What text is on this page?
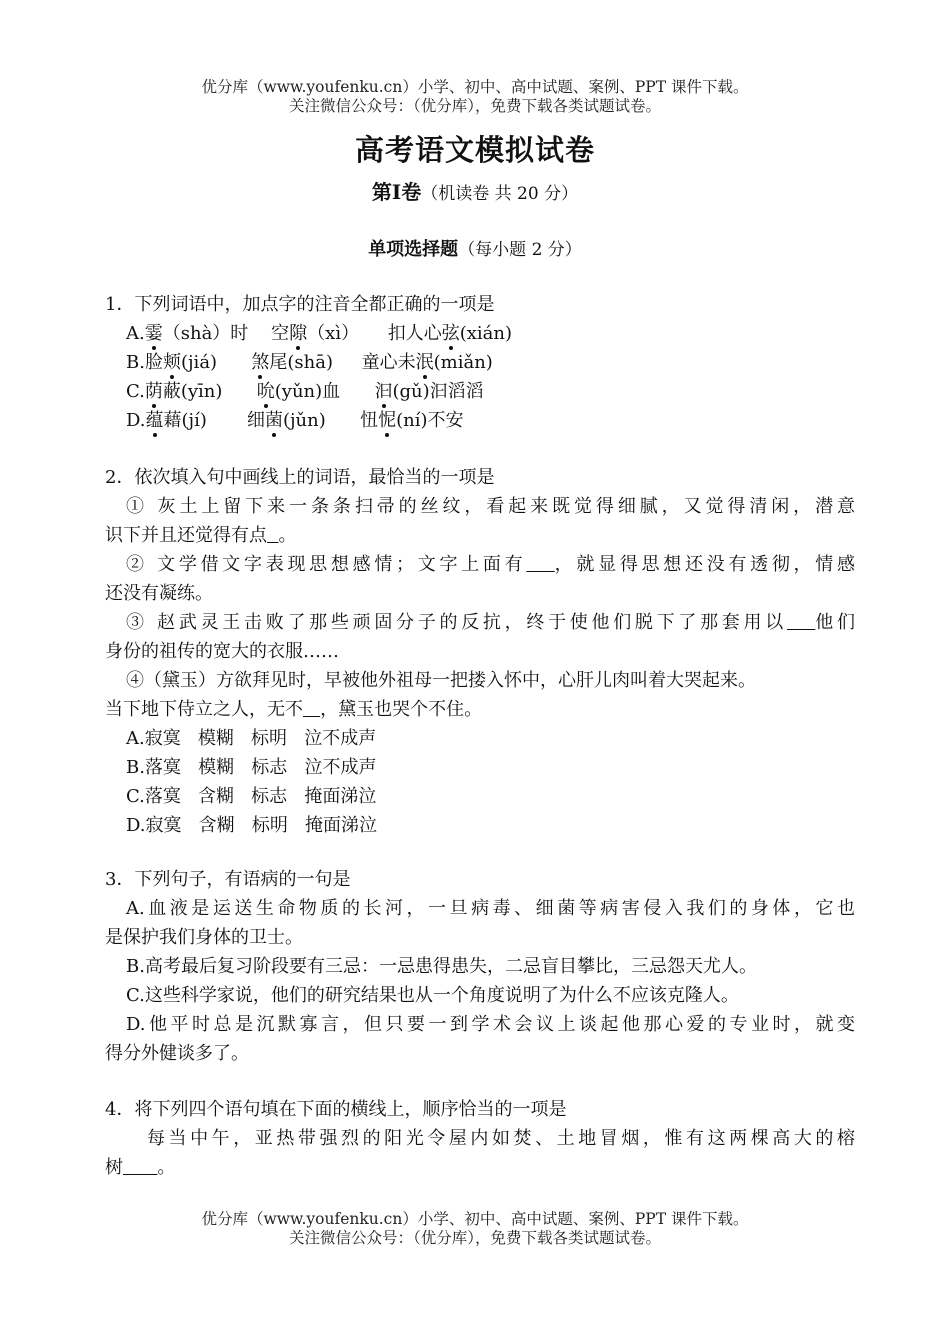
优分库（www.youfenku.cn）小学、初中、高中试题、案例、PPT 课件下载。
关注微信公众号：（优分库），免费下载各类试题试卷。
高考语文模拟试卷
第Ⅰ卷（机读卷 共 20 分）
单项选择题（每小题 2 分）
1．下列词语中，加点字的注音全都正确的一项是
A.霎（shà）时    空隙（xì）     扣人心弦(xián)
B.脸颊(jiá)      煞尾(shā)     童心未泯(miǎn)
C.荫蔽(yīn)      吮(yǔn)血      汩(gǔ)汩滔滔
D.蕴藉(jí)       细菌(jǔn)      忸怩(ní)不安
2．依次填入句中画线上的词语，最恰当的一项是
① 灰土上留下来一条条扫帚的丝纹，看起来既觉得细腻，又觉得清闲，潜意
识下并且还觉得有点 。
② 文学借文字表现思想感情；文字上面有 ，就显得思想还没有透彻，情感
还没有凝练。
③ 赵武灵王击败了那些顽固分子的反抗，终于使他们脱下了那套用以 他们
身份的祖传的宽大的衣服……
④（黛玉）方欲拜见时，早被他外祖母一把搂入怀中，心肝儿肉叫着大哭起来。
当下地下侍立之人，无不 ，黛玉也哭个不住。
A.寂寞   模糊   标明   泣不成声
B.落寞   模糊   标志   泣不成声
C.落寞   含糊   标志   掩面涕泣
D.寂寞   含糊   标明   掩面涕泣
3．下列句子，有语病的一句是
A.血液是运送生命物质的长河，一旦病毒、细菌等病害侵入我们的身体，它也
是保护我们身体的卫士。
B.高考最后复习阶段要有三忌：一忌患得患失，二忌盲目攀比，三忌怨天尤人。
C.这些科学家说，他们的研究结果也从一个角度说明了为什么不应该克隆人。
D.他平时总是沉默寡言，但只要一到学术会议上谈起他那心爱的专业时，就变
得分外健谈多了。
4．将下列四个语句填在下面的横线上，顺序恰当的一项是
每当中午，亚热带强烈的阳光令屋内如焚、土地冒烟，惟有这两棵高大的榕
树 。
优分库（www.youfenku.cn）小学、初中、高中试题、案例、PPT 课件下载。
关注微信公众号：（优分库），免费下载各类试题试卷。
